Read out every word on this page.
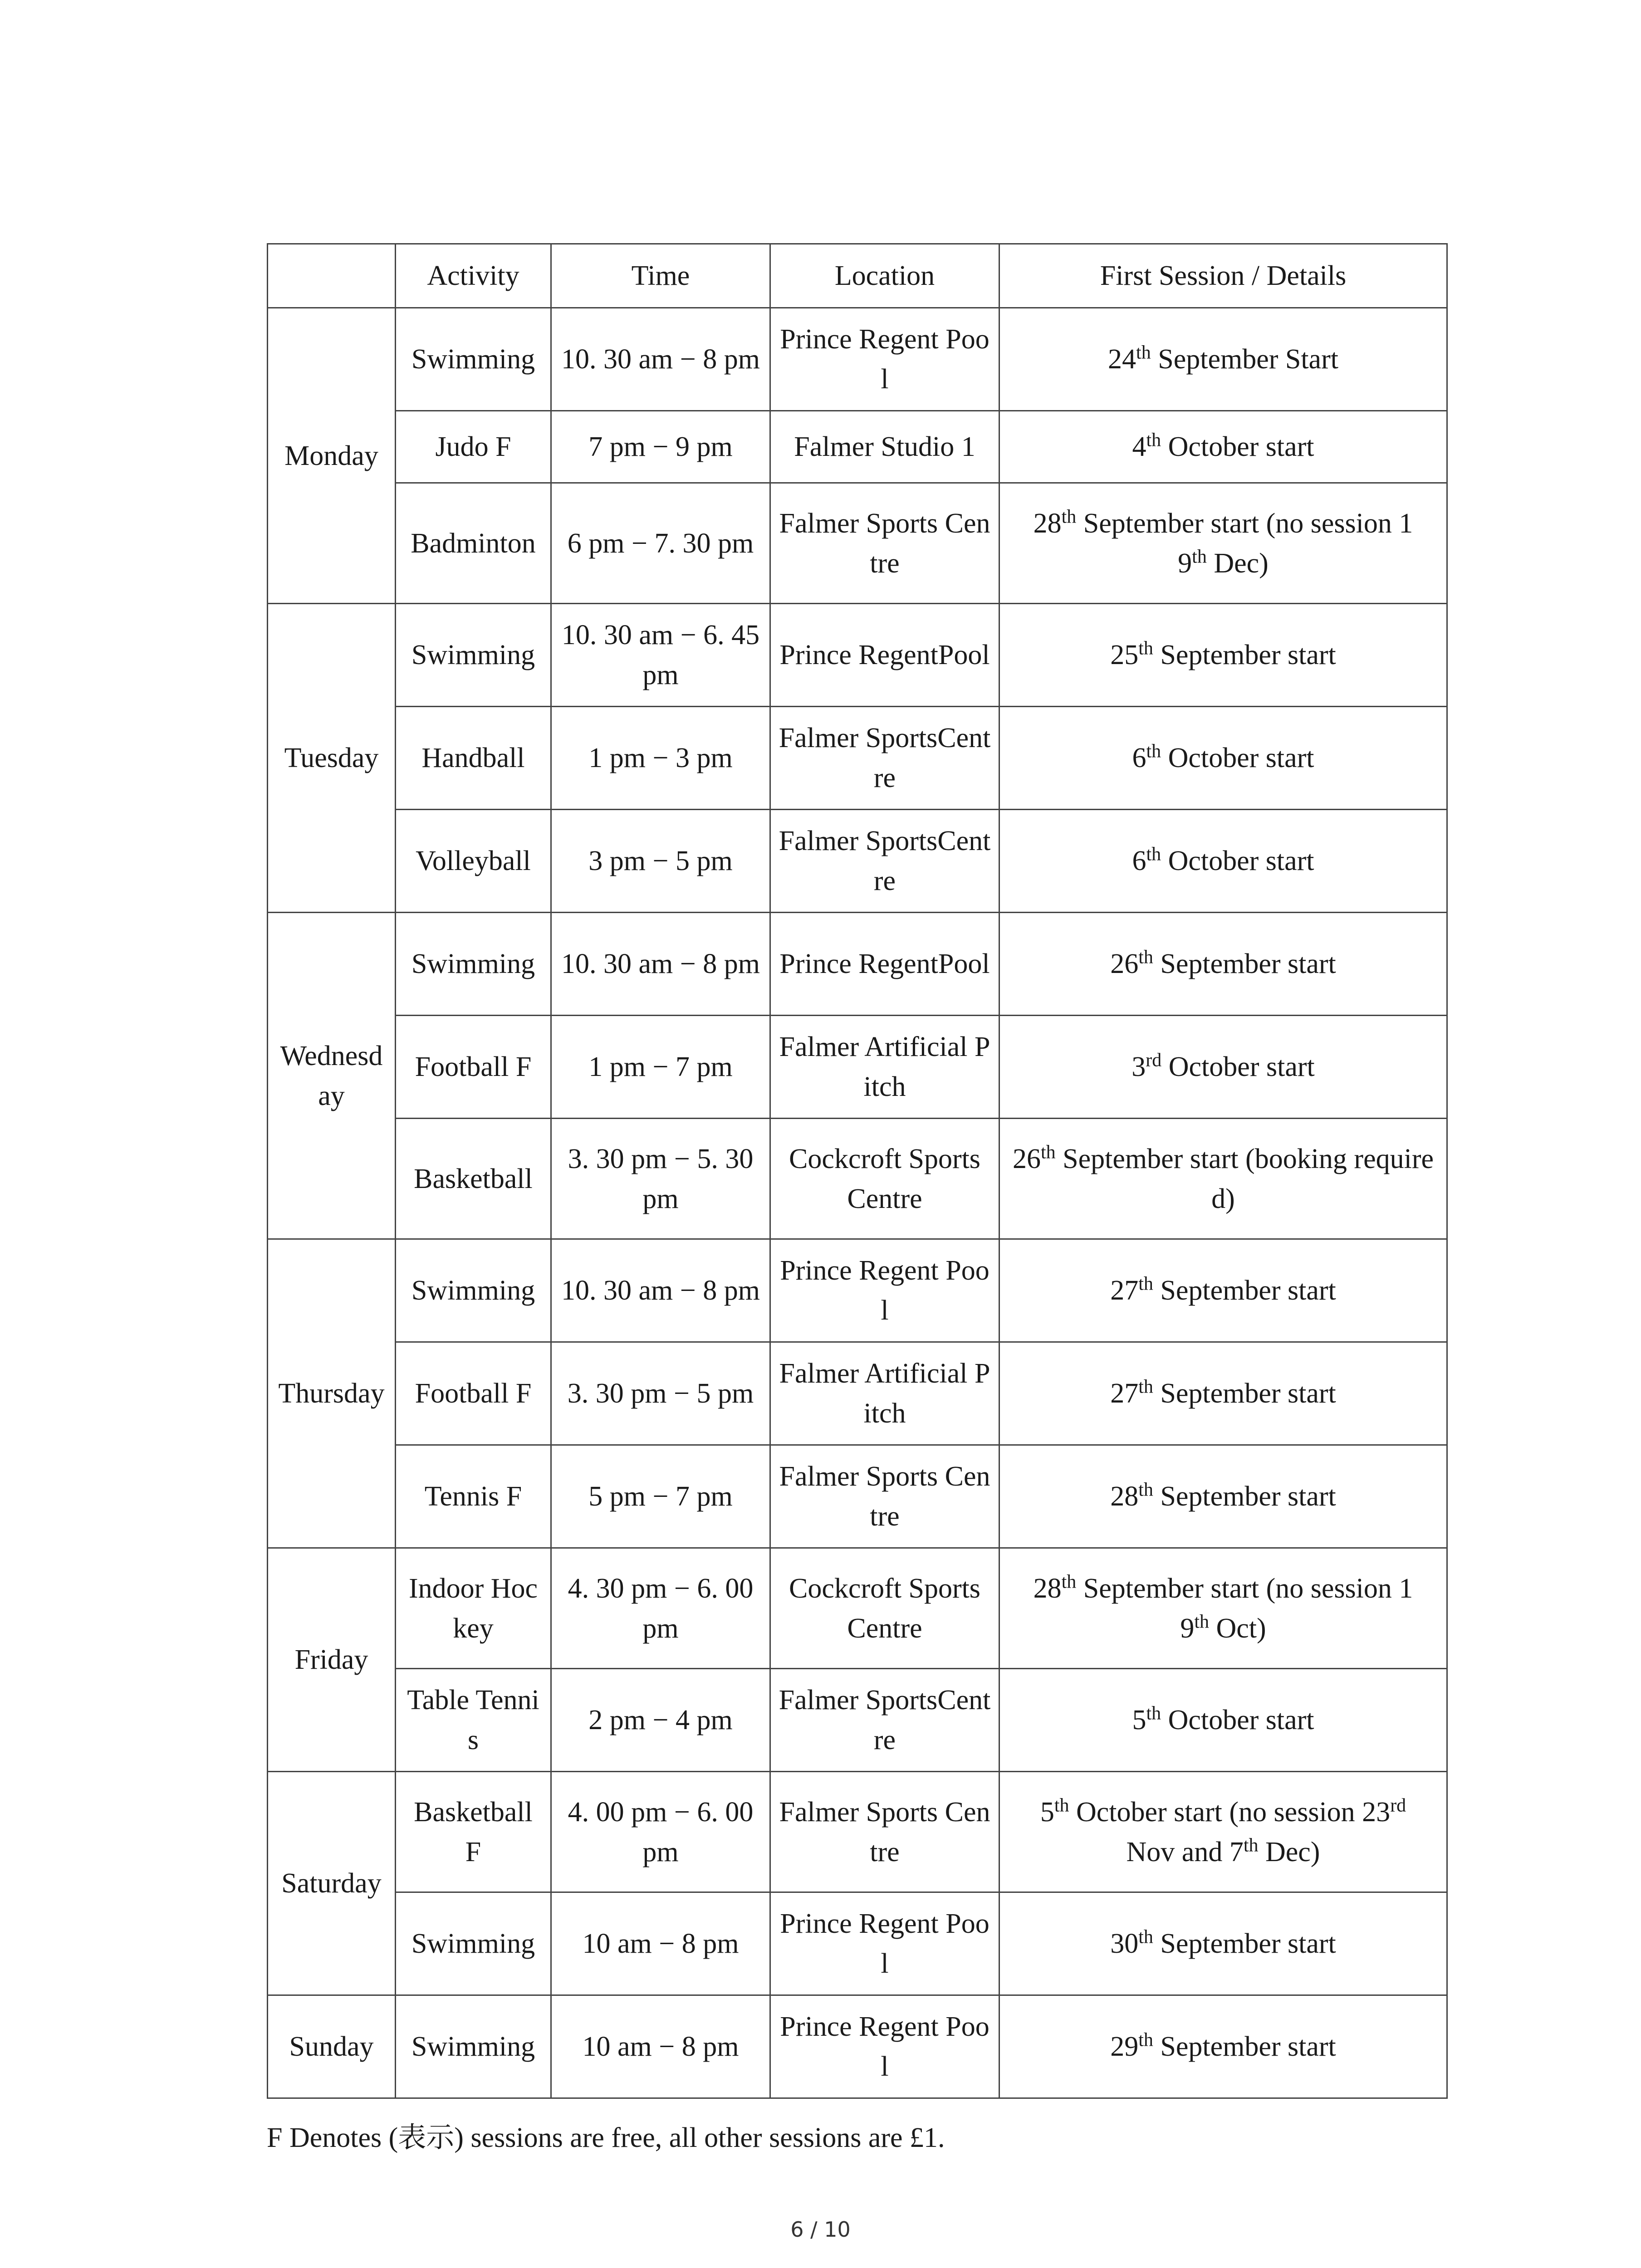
	Activity	Time	Location	First Session / Details
Monday	Swimming	10. 30 am − 8 pm	Prince Regent Pool	24th September Start
	Judo F	7 pm − 9 pm	Falmer Studio 1	4th October start
	Badminton	6 pm − 7. 30 pm	Falmer Sports Centre	28th September start (no session 1
9th Dec)
Tuesday	Swimming	10. 30 am − 6. 45 pm	Prince RegentPool	25th September start
	Handball	1 pm − 3 pm	Falmer SportsCentre	6th October start
	Volleyball	3 pm − 5 pm	Falmer SportsCentre	6th October start
Wednesday	Swimming	10. 30 am − 8 pm	Prince RegentPool	26th September start
	Football F	1 pm − 7 pm	Falmer Artificial Pitch	3rd October start
	Basketball	3. 30 pm − 5. 30 pm	Cockcroft Sports Centre	26th September start (booking required)
Thursday	Swimming	10. 30 am − 8 pm	Prince Regent Pool	27th September start
	Football F	3. 30 pm − 5 pm	Falmer Artificial Pitch	27th September start
	Tennis F	5 pm − 7 pm	Falmer Sports Centre	28th September start
Friday	Indoor Hockey	4. 30 pm − 6. 00 pm	Cockcroft Sports Centre	28th September start (no session 1
9th Oct)
	Table Tennis	2 pm − 4 pm	Falmer SportsCentre	5th October start
Saturday	Basketball F	4. 00 pm − 6. 00 pm	Falmer Sports Centre	5th October start (no session 23rd
Nov and 7th Dec)
	Swimming	10 am − 8 pm	Prince Regent Pool	30th September start
Sunday	Swimming	10 am − 8 pm	Prince Regent Pool	29th September start
F Denotes (表示) sessions are free, all other sessions are £1.
6 / 10
